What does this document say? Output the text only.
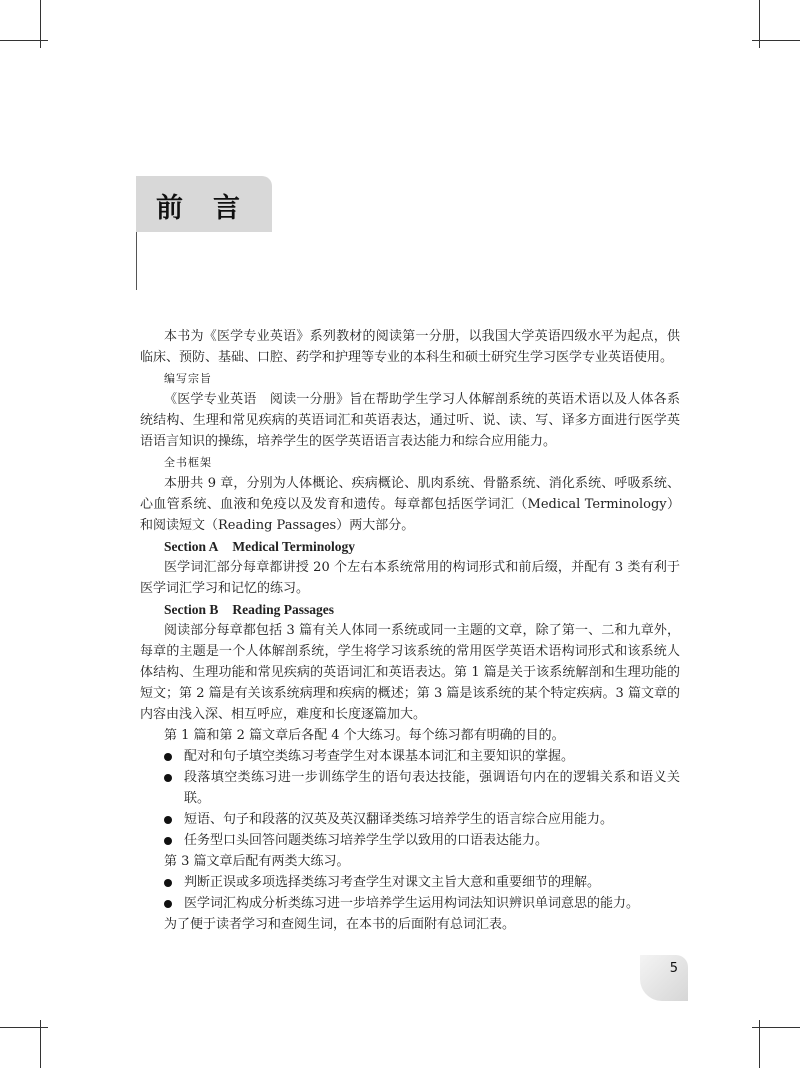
前言

本书为《医学专业英语》系列教材的阅读第一分册，以我国大学英语四级水平为起点，供临床、预防、基础、口腔、药学和护理等专业的本科生和硕士研究生学习医学专业英语使用。

编写宗旨

《医学专业英语　阅读一分册》旨在帮助学生学习人体解剖系统的英语术语以及人体各系统结构、生理和常见疾病的英语词汇和英语表达，通过听、说、读、写、译多方面进行医学英语语言知识的操练，培养学生的医学英语语言表达能力和综合应用能力。

全书框架

本册共 9 章，分别为人体概论、疾病概论、肌肉系统、骨骼系统、消化系统、呼吸系统、心血管系统、血液和免疫以及发育和遗传。每章都包括医学词汇（Medical Terminology）和阅读短文（Reading Passages）两大部分。

Section A Medical Terminology

医学词汇部分每章都讲授 20 个左右本系统常用的构词形式和前后缀，并配有 3 类有利于医学词汇学习和记忆的练习。

Section B Reading Passages

阅读部分每章都包括 3 篇有关人体同一系统或同一主题的文章，除了第一、二和九章外，每章的主题是一个人体解剖系统，学生将学习该系统的常用医学英语术语构词形式和该系统人体结构、生理功能和常见疾病的英语词汇和英语表达。第 1 篇是关于该系统解剖和生理功能的短文；第 2 篇是有关该系统病理和疾病的概述；第 3 篇是该系统的某个特定疾病。3 篇文章的内容由浅入深、相互呼应，难度和长度逐篇加大。

第 1 篇和第 2 篇文章后各配 4 个大练习。每个练习都有明确的目的。

配对和句子填空类练习考查学生对本课基本词汇和主要知识的掌握。

段落填空类练习进一步训练学生的语句表达技能，强调语句内在的逻辑关系和语义关联。

短语、句子和段落的汉英及英汉翻译类练习培养学生的语言综合应用能力。

任务型口头回答问题类练习培养学生学以致用的口语表达能力。

第 3 篇文章后配有两类大练习。

判断正误或多项选择类练习考查学生对课文主旨大意和重要细节的理解。

医学词汇构成分析类练习进一步培养学生运用构词法知识辨识单词意思的能力。

为了便于读者学习和查阅生词，在本书的后面附有总词汇表。

5
